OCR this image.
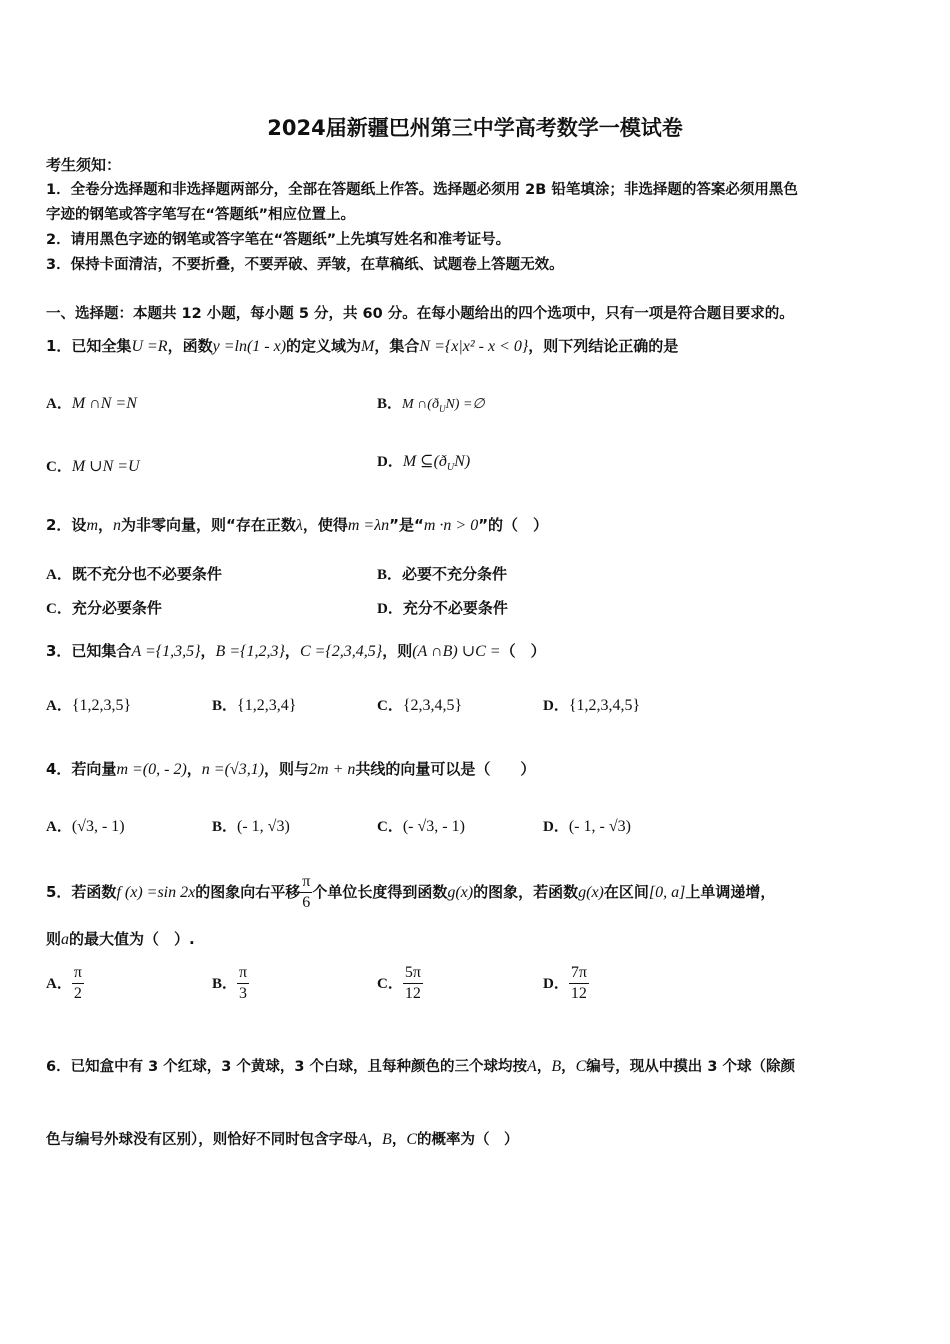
2024届新疆巴州第三中学高考数学一模试卷
考生须知：
1．全卷分选择题和非选择题两部分，全部在答题纸上作答。选择题必须用 2B 铅笔填涂；非选择题的答案必须用黑色
字迹的钢笔或答字笔写在“答题纸”相应位置上。
2．请用黑色字迹的钢笔或答字笔在“答题纸”上先填写姓名和准考证号。
3．保持卡面清洁，不要折叠，不要弄破、弄皱，在草稿纸、试题卷上答题无效。
一、选择题：本题共 12 小题，每小题 5 分，共 60 分。在每小题给出的四个选项中，只有一项是符合题目要求的。
1．已知全集U =R，函数y =ln(1 - x)的定义域为M，集合N ={x|x² - x < 0}，则下列结论正确的是
A．M ∩N =N	B．M $\cap(ð_UN)$ =∅
C．M ∪N =U	D．M $⊆(ð_UN)$
2．设m，n为非零向量，则“存在正数λ，使得m =λn”是“m ·n > 0”的（　）
A．既不充分也不必要条件	B．必要不充分条件
C．充分必要条件	D．充分不必要条件
3．已知集合A ={1,3,5}，B ={1,2,3}，C ={2,3,4,5}，则(A ∩B) ∪C =（　）
A．{1,2,3,5}	B．{1,2,3,4}	C．{2,3,4,5}	D．{1,2,3,4,5}
4．若向量m =(0, - 2)，n =(√3,1)，则与2m + n共线的向量可以是（　　）
A．(√3, - 1)	B．(- 1, √3)	C．(- √3, - 1)	D．(- 1, - √3)
5．若函数f (x) =sin 2x的图象向右平移 $\frac{\pi}{6}$ 个单位长度得到函数g(x)的图象，若函数g(x)在区间[0, a]上单调递增，
则a的最大值为（　）.
A． $\frac{\pi}{2}$	B． $\frac{\pi}{3}$	C． $\frac{5\pi}{12}$	D． $\frac{7\pi}{12}$
6．已知盒中有 3 个红球，3 个黄球，3 个白球，且每种颜色的三个球均按A，B，C编号，现从中摸出 3 个球（除颜
色与编号外球没有区别），则恰好不同时包含字母A，B，C的概率为（　）
